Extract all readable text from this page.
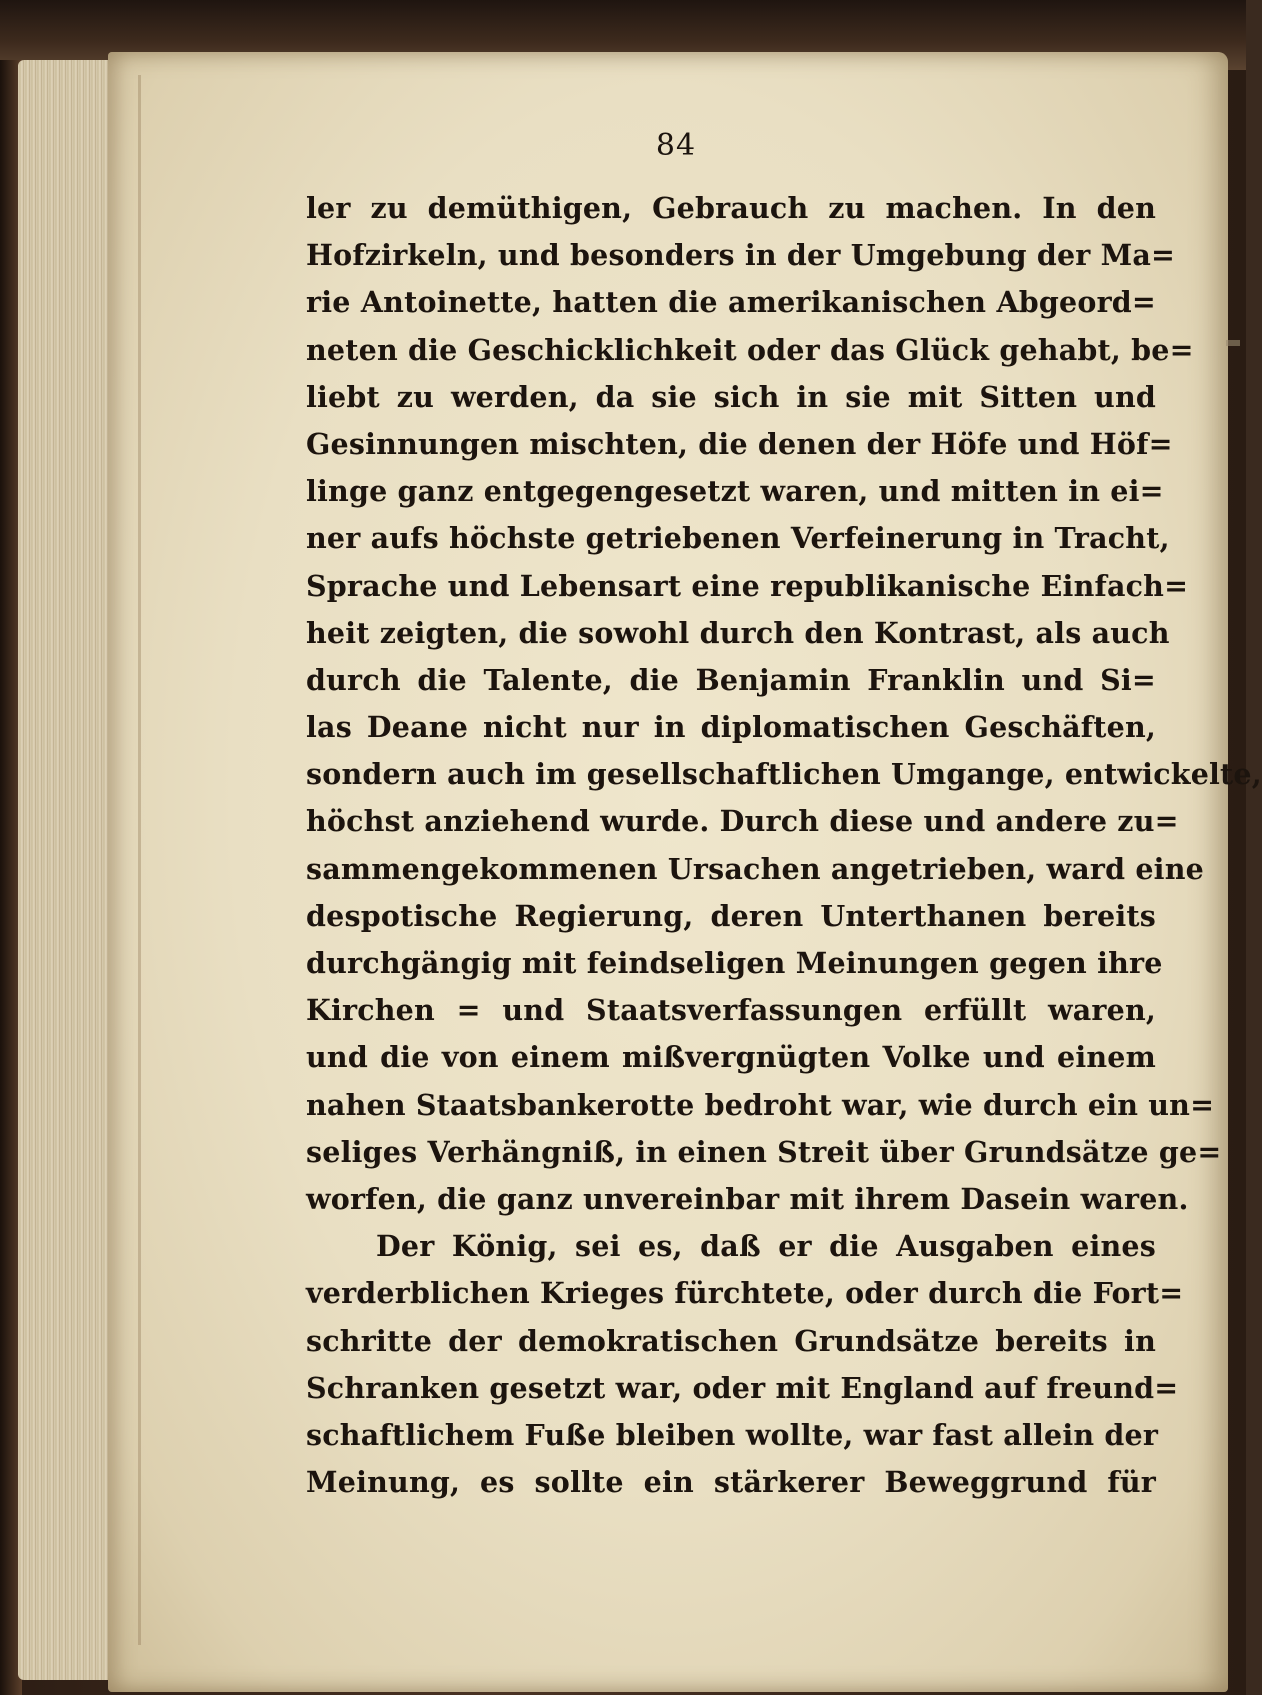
84
ler zu demüthigen, Gebrauch zu machen. In den
Hofzirkeln, und besonders in der Umgebung der Ma=
rie Antoinette, hatten die amerikanischen Abgeord=
neten die Geschicklichkeit oder das Glück gehabt, be=
liebt zu werden, da sie sich in sie mit Sitten und
Gesinnungen mischten, die denen der Höfe und Höf=
linge ganz entgegengesetzt waren, und mitten in ei=
ner aufs höchste getriebenen Verfeinerung in Tracht,
Sprache und Lebensart eine republikanische Einfach=
heit zeigten, die sowohl durch den Kontrast, als auch
durch die Talente, die Benjamin Franklin und Si=
las Deane nicht nur in diplomatischen Geschäften,
sondern auch im gesellschaftlichen Umgange, entwickelte,
höchst anziehend wurde. Durch diese und andere zu=
sammengekommenen Ursachen angetrieben, ward eine
despotische Regierung, deren Unterthanen bereits
durchgängig mit feindseligen Meinungen gegen ihre
Kirchen = und Staatsverfassungen erfüllt waren,
und die von einem mißvergnügten Volke und einem
nahen Staatsbankerotte bedroht war, wie durch ein un=
seliges Verhängniß, in einen Streit über Grundsätze ge=
worfen, die ganz unvereinbar mit ihrem Dasein waren.
Der König, sei es, daß er die Ausgaben eines
verderblichen Krieges fürchtete, oder durch die Fort=
schritte der demokratischen Grundsätze bereits in
Schranken gesetzt war, oder mit England auf freund=
schaftlichem Fuße bleiben wollte, war fast allein der
Meinung, es sollte ein stärkerer Beweggrund für
